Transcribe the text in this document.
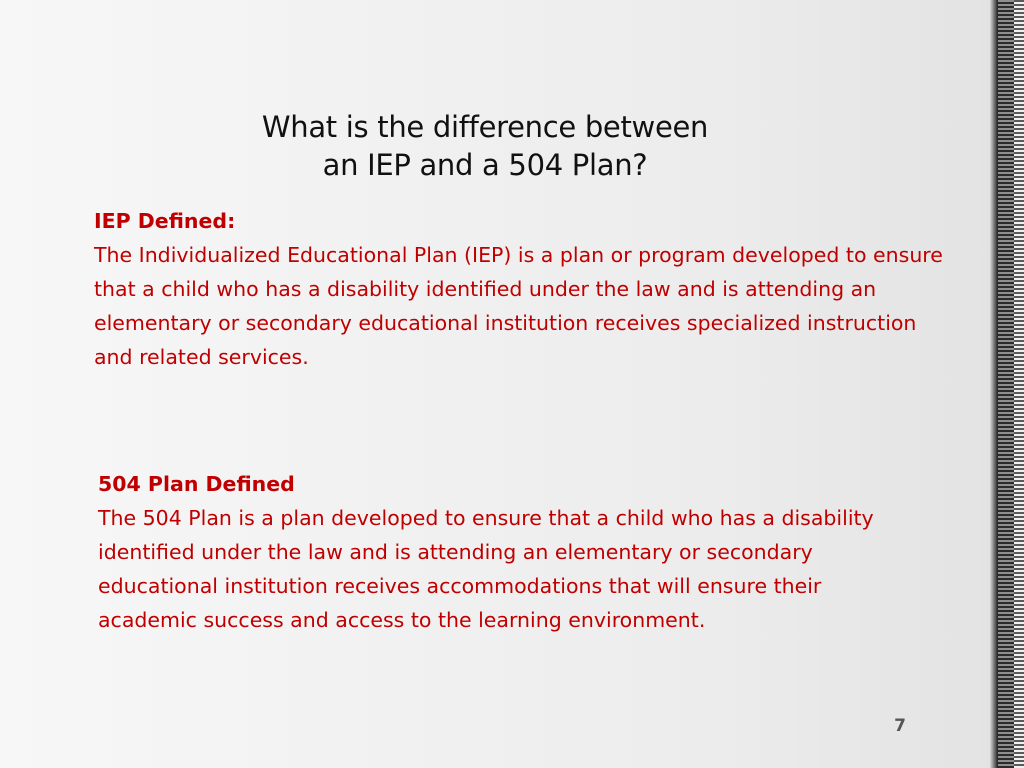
What is the difference between
an IEP and a 504 Plan?
IEP Defined:
The Individualized Educational Plan (IEP) is a plan or program developed to ensure that a child who has a disability identified under the law and is attending an elementary or secondary educational institution receives specialized instruction and related services.
504 Plan Defined
The 504 Plan is a plan developed to ensure that a child who has a disability identified under the law and is attending an elementary or secondary educational institution receives accommodations that will ensure their academic success and access to the learning environment.
7
